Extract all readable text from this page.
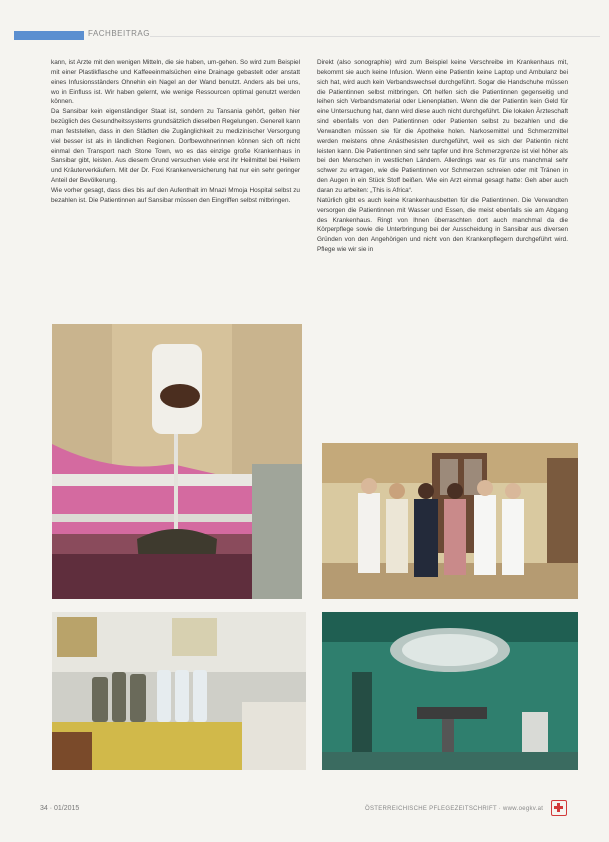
FACHBEITRAG

kann, ist Arzte mit den wenigen Mitteln, die sie haben, um-gehen. So wird zum Beispiel mit einer Plastikflasche und Kaffeeeinmalsüchen eine Drainage gebastelt oder anstatt eines Infusionsständers Ohnehin ein Nagel an der Wand benutzt. Anders als bei uns, wo in Einfluss ist. Wir haben gelernt, wie wenige Ressourcen optimal genutzt werden können.

Da Sansibar kein eigenständiger Staat ist, sondern zu Tansania gehört, gelten hier bezüglich des Gesundheitssystems grundsätzlich dieselben Regelungen. Generell kann man feststellen, dass in den Städten die Zugänglichkeit zu medizinischer Versorgung viel besser ist als in ländlichen Regionen. Dorfbewohnerinnen können sich oft nicht einmal den Transport nach Stone Town, wo es das einzige große Krankenhaus in Sansibar gibt, leisten. Aus diesem Grund versuchen viele erst ihr Heilmittel bei Heilern und Kräuterverkäufern. Mit der Dr. Foxi Krankenversicherung hat nur ein sehr geringer Anteil der Bevölkerung.

Wie vorher gesagt, dass dies bis auf den Aufenthalt im Mnazi Mmoja Hospital selbst zu bezahlen ist. Die Patientinnen auf Sansibar müssen den Eingriffen selbst mitbringen.

Direkt (also sonographie) wird zum Beispiel keine Verschreibe im Krankenhaus mit, bekommt sie auch keine Infusion. Wenn eine Patientin keine Laptop und Ambulanz bei sich hat, wird auch kein Verbandswechsel durchgeführt. Sogar die Handschuhe müssen die Patientinnen selbst mitbringen. Oft helfen sich die Patientinnen gegenseitig und leihen sich Verbandsmaterial oder Lienenplatten. Wenn die der Patientin kein Geld für eine Untersuchung hat, dann wird diese auch nicht durchgeführt. Die lokalen Ärzteschaft sind ebenfalls von den Patientinnen oder Patienten selbst zu bezahlen und die Verwandten müssen sie für die Apotheke holen. Narkosemittel und Schmerzmittel werden meistens ohne Anästhesisten durchgeführt, weil es sich der Patientin nicht leisten kann. Die Patientinnen sind sehr tapfer und ihre Schmerzgrenze ist viel höher als bei den Menschen in westlichen Ländern. Allerdings war es für uns manchmal sehr schwer zu ertragen, wie die Patientinnen vor Schmerzen schreien oder mit Tränen in den Augen in ein Stück Stoff beißen. Wie ein Arzt einmal gesagt hatte: Geh aber auch daran zu arbeiten: „This is Africa“.

Natürlich gibt es auch keine Krankenhausbetten für die Patientinnen. Die Verwandten versorgen die Patientinnen mit Wasser und Essen, die meist ebenfalls sie am Abgang des Krankenhaus. Ringt von Ihnen überraschten dort auch manchmal da die Körperpflege sowie die Unterbringung bei der Ausscheidung in Sansibar aus diversen Gründen von den Angehörigen und nicht von den Krankenpflegern durchgeführt wird. Pflege wie wir sie in

34 · 01/2015	ÖSTERREICHISCHE PFLEGEZEITSCHRIFT · www.oegkv.at
